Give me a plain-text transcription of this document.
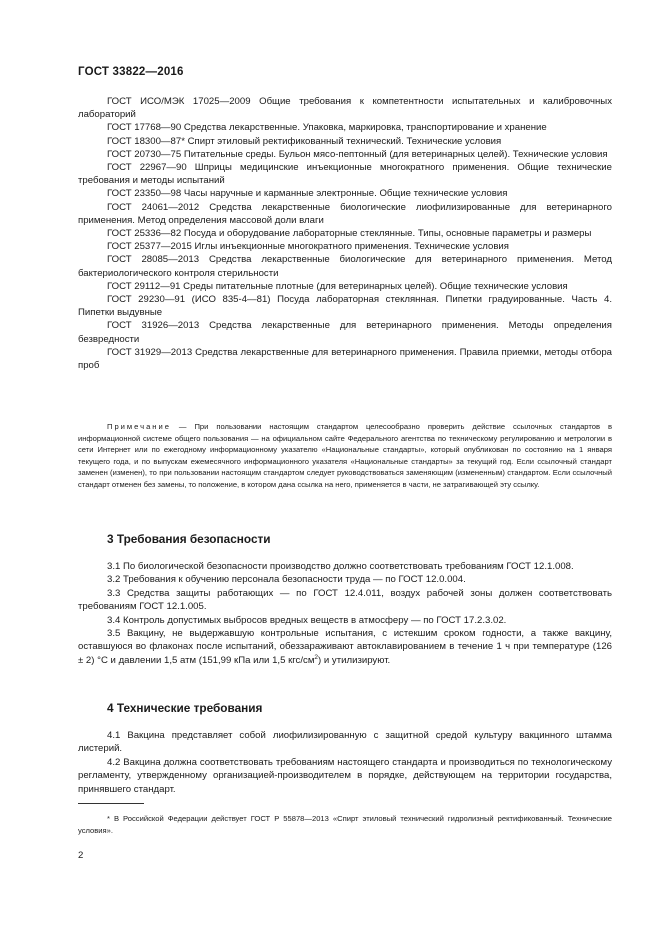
ГОСТ 33822—2016

ГОСТ ИСО/МЭК 17025—2009 Общие требования к компетентности испытательных и калибровочных лабораторий

ГОСТ 17768—90 Средства лекарственные. Упаковка, маркировка, транспортирование и хранение

ГОСТ 18300—87* Спирт этиловый ректификованный технический. Технические условия

ГОСТ 20730—75 Питательные среды. Бульон мясо-пептонный (для ветеринарных целей). Технические условия

ГОСТ 22967—90 Шприцы медицинские инъекционные многократного применения. Общие технические требования и методы испытаний

ГОСТ 23350—98 Часы наручные и карманные электронные. Общие технические условия

ГОСТ 24061—2012 Средства лекарственные биологические лиофилизированные для ветеринарного применения. Метод определения массовой доли влаги

ГОСТ 25336—82 Посуда и оборудование лабораторные стеклянные. Типы, основные параметры и размеры

ГОСТ 25377—2015 Иглы инъекционные многократного применения. Технические условия

ГОСТ 28085—2013 Средства лекарственные биологические для ветеринарного применения. Метод бактериологического контроля стерильности

ГОСТ 29112—91 Среды питательные плотные (для ветеринарных целей). Общие технические условия

ГОСТ 29230—91 (ИСО 835-4—81) Посуда лабораторная стеклянная. Пипетки градуированные. Часть 4. Пипетки выдувные

ГОСТ 31926—2013 Средства лекарственные для ветеринарного применения. Методы определения безвредности

ГОСТ 31929—2013 Средства лекарственные для ветеринарного применения. Правила приемки, методы отбора проб

Примечание — При пользовании настоящим стандартом целесообразно проверить действие ссылочных стандартов в информационной системе общего пользования — на официальном сайте Федерального агентства по техническому регулированию и метрологии в сети Интернет или по ежегодному информационному указателю «Национальные стандарты», который опубликован по состоянию на 1 января текущего года, и по выпускам ежемесячного информационного указателя «Национальные стандарты» за текущий год. Если ссылочный стандарт заменен (изменен), то при пользовании настоящим стандартом следует руководствоваться заменяющим (измененным) стандартом. Если ссылочный стандарт отменен без замены, то положение, в котором дана ссылка на него, применяется в части, не затрагивающей эту ссылку.

3 Требования безопасности

3.1 По биологической безопасности производство должно соответствовать требованиям ГОСТ 12.1.008.

3.2 Требования к обучению персонала безопасности труда — по ГОСТ 12.0.004.

3.3 Средства защиты работающих — по ГОСТ 12.4.011, воздух рабочей зоны должен соответствовать требованиям ГОСТ 12.1.005.

3.4 Контроль допустимых выбросов вредных веществ в атмосферу — по ГОСТ 17.2.3.02.

3.5 Вакцину, не выдержавшую контрольные испытания, с истекшим сроком годности, а также вакцину, оставшуюся во флаконах после испытаний, обеззараживают автоклавированием в течение 1 ч при температуре (126 ± 2) °С и давлении 1,5 атм (151,99 кПа или 1,5 кгс/$см^2$) и утилизируют.

4 Технические требования

4.1 Вакцина представляет собой лиофилизированную с защитной средой культуру вакцинного штамма листерий.

4.2 Вакцина должна соответствовать требованиям настоящего стандарта и производиться по технологическому регламенту, утвержденному организацией-производителем в порядке, действующем на территории государства, принявшего стандарт.

* В Российской Федерации действует ГОСТ Р 55878—2013 «Спирт этиловый технический гидролизный ректификованный. Технические условия».
2
